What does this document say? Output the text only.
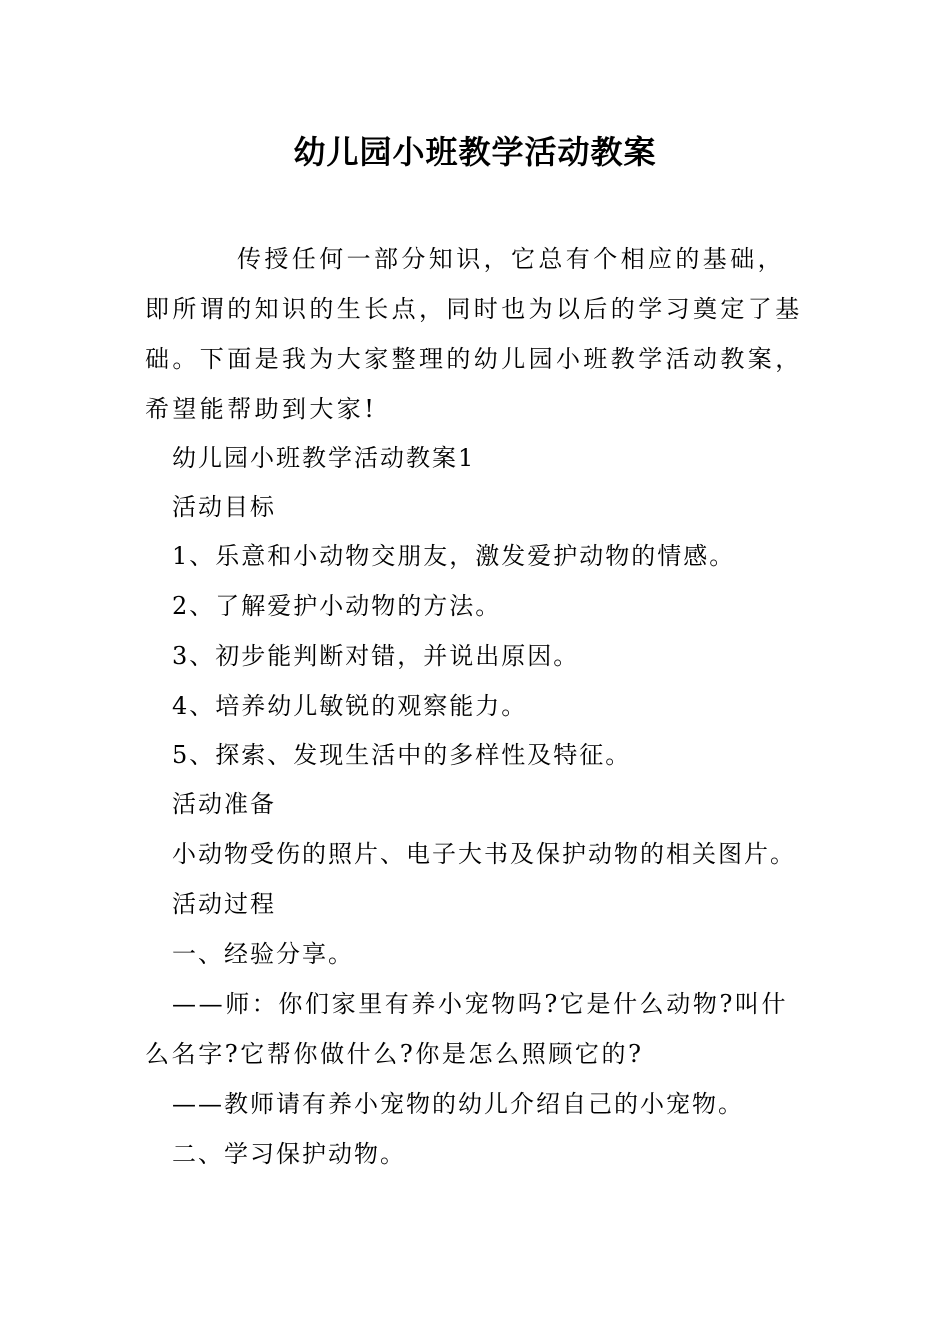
幼儿园小班教学活动教案

传授任何一部分知识，它总有个相应的基础，即所谓的知识的生长点，同时也为以后的学习奠定了基础。下面是我为大家整理的幼儿园小班教学活动教案，希望能帮助到大家!

幼儿园小班教学活动教案1

活动目标

1、乐意和小动物交朋友，激发爱护动物的情感。

2、了解爱护小动物的方法。

3、初步能判断对错，并说出原因。

4、培养幼儿敏锐的观察能力。

5、探索、发现生活中的多样性及特征。

活动准备

小动物受伤的照片、电子大书及保护动物的相关图片。

活动过程

一、经验分享。

——师：你们家里有养小宠物吗?它是什么动物?叫什么名字?它帮你做什么?你是怎么照顾它的?

——教师请有养小宠物的幼儿介绍自己的小宠物。

二、学习保护动物。
